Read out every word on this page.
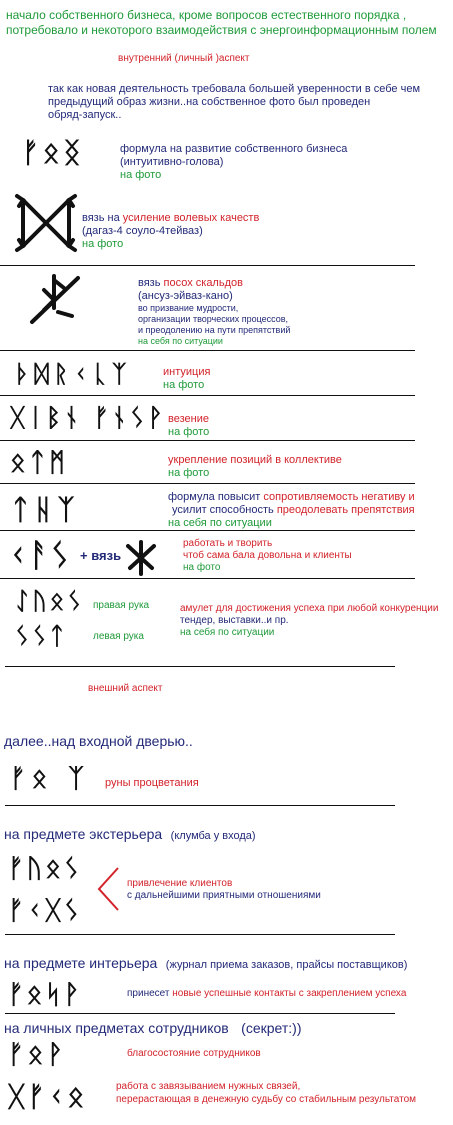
начало собственного бизнеса, кроме вопросов естественного порядка ,
потребовало и некоторого взаимодействия с энергоинформационным полем
внутренний (личный )аспект
так как новая деятельность требовала большей уверенности в себе чем
предыдущий образ жизни..на собственное фото был проведен
обряд-запуск..
ᚠᛟᛝ	формула на развитие собственного бизнеса
(интуитивно-голова)
на фото
вязь на усиление волевых качеств
(дагаз-4 соуло-4тейваз)
на фото
вязь посох скальдов
(ансуз-эйваз-кано)
во призвание мудрости,
организации творческих процессов,
и преодолению на пути препятствий
на себя по ситуации
ᚦᛞᚱᚲᚳᛉ	интуиция
на фото
ᚷᛁᛒᚾ ᚠᚾᛊᚹ везение
на фото
ᛟᛏᛗ	укрепление позиций в коллективе
на фото
ᛏᚺᛉ	формула повысит сопротивляемость негативу и
усилит способность преодолевать препятствия
на себя по ситуации
ᚲᚨᛊ + вязь
работать и творить
чтоб сама бала довольна и клиенты
на фото
ᛇᚢᛟᛊ правая рука
ᛊᛊᛏ	левая рука
амулет для достижения успеха при любой конкуренции
тендер, выставки..и пр.
на себя по ситуации
внешний аспект
далее..над входной дверью..
ᚠᛟ ᛉ руны процветания
на предмете экстерьера (клумба у входа)
ᚠᚢᛟᛊ
ᚠᚲᚷᛊ
привлечение клиентов
с дальнейшими приятными отношениями
на предмете интерьера (журнал приема заказов, прайсы поставщиков)
ᚠᛟᛋᚹ	принесет новые успешные контакты с закреплением успеха
на личных предметах сотрудников (секрет:))
ᚠᛟᚹ	благосостояние сотрудников
ᚷᚠᚲᛟ	работа с завязыванием нужных связей,
перерастающая в денежную судьбу со стабильным результатом
